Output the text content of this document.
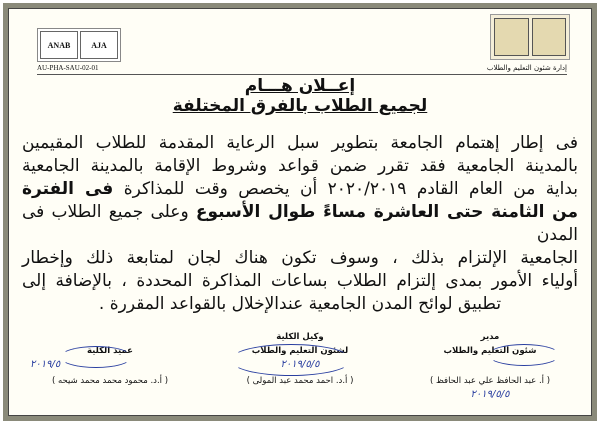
ANAB	AJA
AU-PHA-SAU-02-01	إدارة شئون التعليم والطلاب
إعــلان هـــام
لجميع الطلاب بالفرق المختلفة
فى إطار إهتمام الجامعة بتطوير سبل الرعاية المقدمة للطلاب المقيمين
بالمدينة الجامعية فقد تقرر ضمن قواعد وشروط الإقامة بالمدينة الجامعية
بداية من العام القادم ٢٠٢٠/٢٠١٩ أن يخصص وقت للمذاكرة فى الفترة
من الثامنة حتى العاشرة مساءً طوال الأسبوع وعلى جميع الطلاب فى المدن
الجامعية الإلتزام بذلك ، وسوف تكون هناك لجان لمتابعة ذلك وإخطار
أولياء الأمور بمدى إلتزام الطلاب بساعات المذاكرة المحددة ، بالإضافة إلى
تطبيق لوائح المدن الجامعية عندالإخلال بالقواعد المقررة .
مدير
شئون التعليم والطلاب
( أ. عبد الحافظ علي عبد الحافظ )
٢٠١٩/٥/٥
وكيل الكلية
لشئون التعليم والطلاب
٢٠١٩/٥/٥
( أ.د. احمد محمد عبد المولى )
عميد الكلية
٢٠١٩/٥
( أ.د. محمود محمد محمد شيحه )
